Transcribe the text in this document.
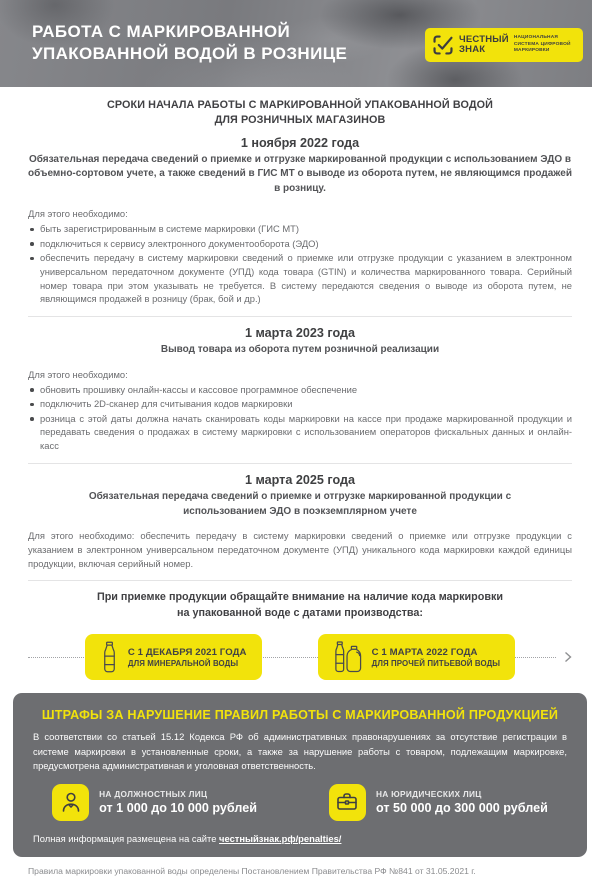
РАБОТА С МАРКИРОВАННОЙ
УПАКОВАННОЙ ВОДОЙ В РОЗНИЦЕ
ЧЕСТНЫЙ
ЗНАК
НАЦИОНАЛЬНАЯ
СИСТЕМА ЦИФРОВОЙ
МАРКИРОВКИ
СРОКИ НАЧАЛА РАБОТЫ С МАРКИРОВАННОЙ УПАКОВАННОЙ ВОДОЙ
ДЛЯ РОЗНИЧНЫХ МАГАЗИНОВ
1 ноября 2022 года
Обязательная передача сведений о приемке и отгрузке маркированной продукции с использованием ЭДО в объемно-сортовом учете, а также сведений в ГИС МТ о выводе из оборота путем, не являющимся продажей в розницу.
Для этого необходимо:
быть зарегистрированным в системе маркировки (ГИС МТ)
подключиться к сервису электронного документооборота (ЭДО)
обеспечить передачу в систему маркировки сведений о приемке или отгрузке продукции с указанием в электронном универсальном передаточном документе (УПД) кода товара (GTIN) и количества маркированного товара. Серийный номер товара при этом указывать не требуется. В систему передаются сведения о выводе из оборота путем, не являющимся продажей в розницу (брак, бой и др.)
1 марта 2023 года
Вывод товара из оборота путем розничной реализации
Для этого необходимо:
обновить прошивку онлайн-кассы и кассовое программное обеспечение
подключить 2D-сканер для считывания кодов маркировки
розница с этой даты должна начать сканировать коды маркировки на кассе при продаже маркированной продукции и передавать сведения о продажах в систему маркировки с использованием операторов фискальных данных и онлайн-касс
1 марта 2025 года
Обязательная передача сведений о приемке и отгрузке маркированной продукции с использованием ЭДО в поэкземплярном учете

Для этого необходимо: обеспечить передачу в систему маркировки сведений о приемке или отгрузке продукции с указанием в электронном универсальном передаточном документе (УПД) уникального кода маркировки каждой единицы продукции, включая серийный номер.

При приемке продукции обращайте внимание на наличие кода маркировки
на упакованной воде с датами производства:
С 1 ДЕКАБРЯ 2021 ГОДА
ДЛЯ МИНЕРАЛЬНОЙ ВОДЫ
С 1 МАРТА 2022 ГОДА
ДЛЯ ПРОЧЕЙ ПИТЬЕВОЙ ВОДЫ
ШТРАФЫ ЗА НАРУШЕНИЕ ПРАВИЛ РАБОТЫ С МАРКИРОВАННОЙ ПРОДУКЦИЕЙ

В соответствии со статьей 15.12 Кодекса РФ об административных правонарушениях за отсутствие регистрации в системе маркировки в установленные сроки, а также за нарушение работы с товаром, подлежащим маркировке, предусмотрена административная и уголовная ответственность.

НА ДОЛЖНОСТНЫХ ЛИЦ
от 1 000 до 10 000 рублей
НА ЮРИДИЧЕСКИХ ЛИЦ
от 50 000 до 300 000 рублей
Полная информация размещена на сайте честныйзнак.рф/penalties/
Правила маркировки упакованной воды определены Постановлением Правительства РФ №841 от 31.05.2021 г.
